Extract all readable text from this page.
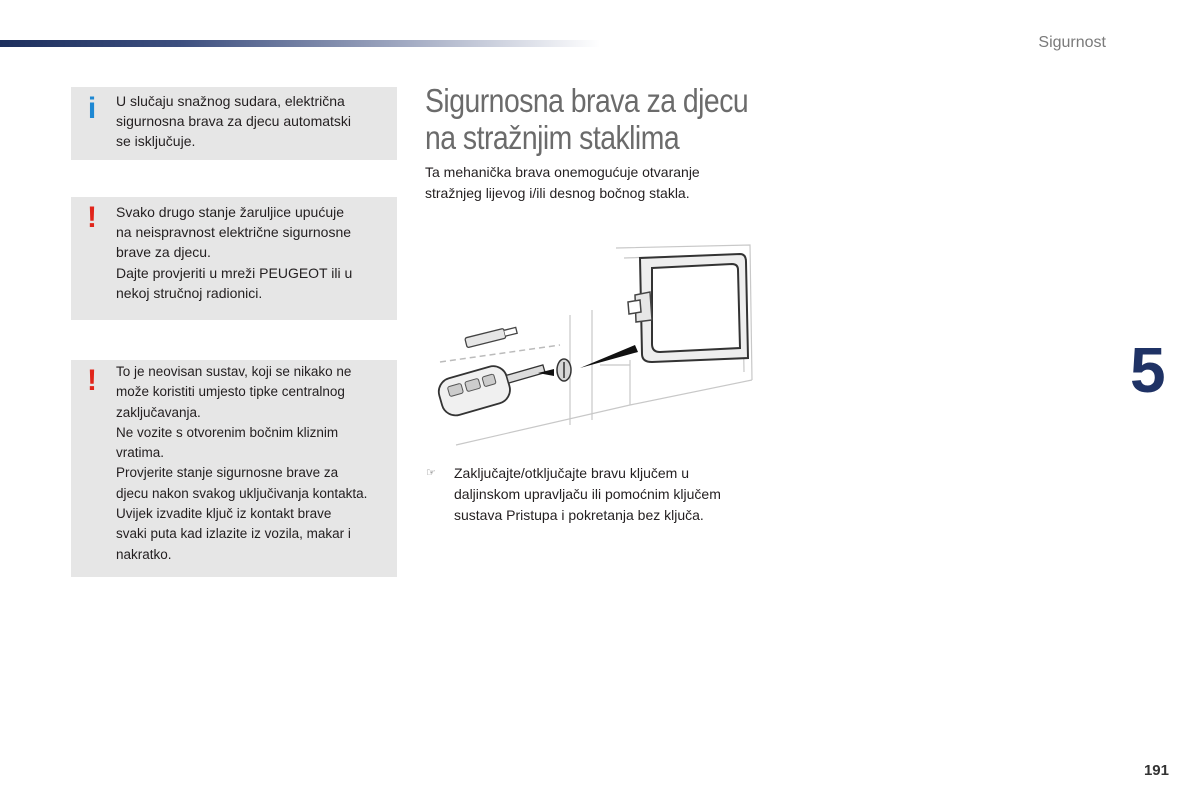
Sigurnost
5
191
i U slučaju snažnog sudara, električna
sigurnosna brava za djecu automatski
se isključuje.

! Svako drugo stanje žaruljice upućuje
na neispravnost električne sigurnosne
brave za djecu.
Dajte provjeriti u mreži PEUGEOT ili u
nekoj stručnoj radionici.

! To je neovisan sustav, koji se nikako ne
može koristiti umjesto tipke centralnog
zaključavanja.
Ne vozite s otvorenim bočnim kliznim
vratima.
Provjerite stanje sigurnosne brave za
djecu nakon svakog uključivanja kontakta.
Uvijek izvadite ključ iz kontakt brave
svaki puta kad izlazite iz vozila, makar i
nakratko.

Sigurnosna brava za djecu
na stražnjim staklima

Ta mehanička brava onemogućuje otvaranje
stražnjeg lijevog i/ili desnog bočnog stakla.

☞ Zaključajte/otključajte bravu ključem u
daljinskom upravljaču ili pomoćnim ključem
sustava Pristupa i pokretanja bez ključa.
